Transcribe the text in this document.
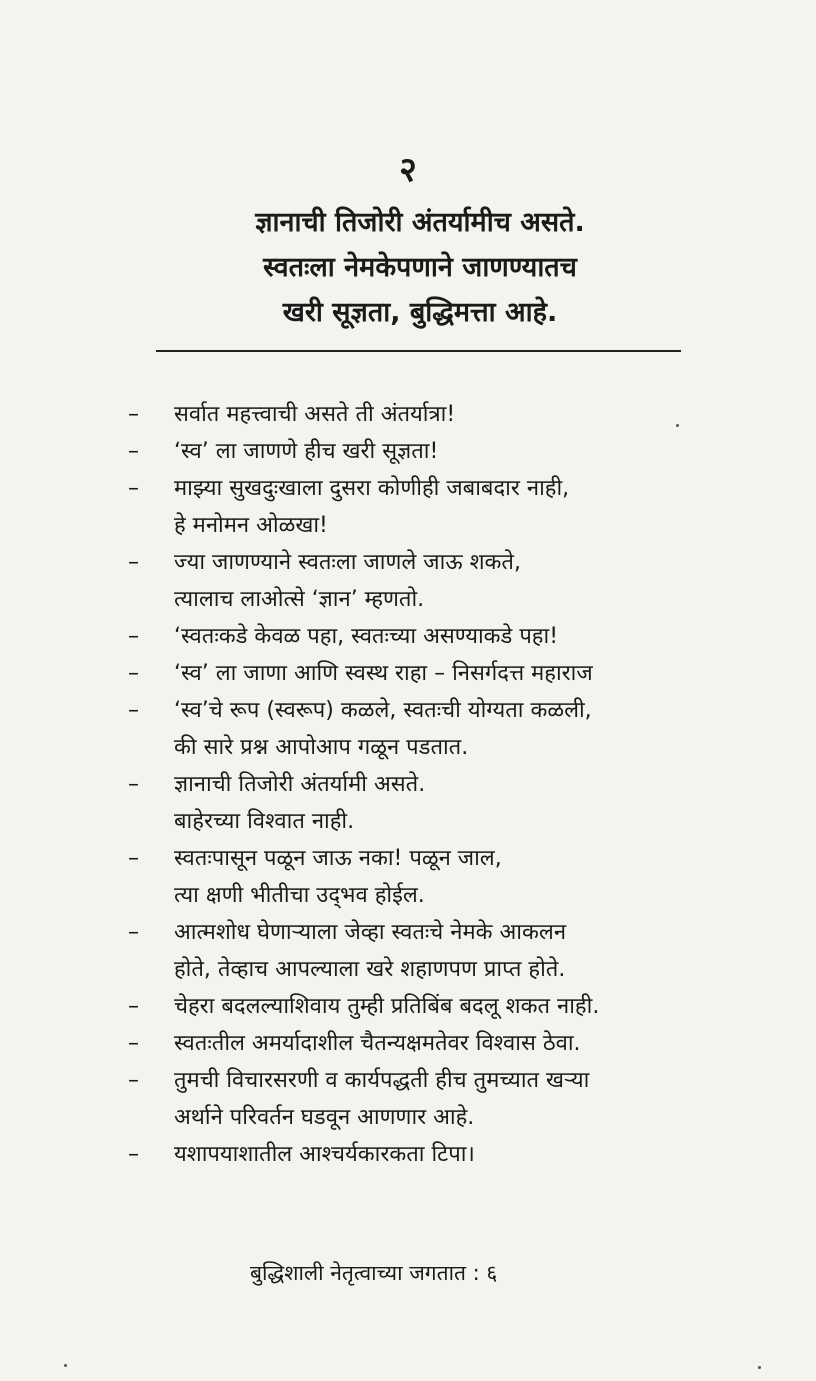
२
ज्ञानाची तिजोरी अंतर्यामीच असते.
स्वतःला नेमकेपणाने जाणण्यातच
खरी सूज्ञता, बुद्धिमत्ता आहे.
–	सर्वात महत्त्वाची असते ती अंतर्यात्रा!
–	‘स्व’ ला जाणणे हीच खरी सूज्ञता!
–	माझ्या सुखदुःखाला दुसरा कोणीही जबाबदार नाही,
हे मनोमन ओळखा!
–	ज्या जाणण्याने स्वतःला जाणले जाऊ शकते,
त्यालाच लाओत्से ‘ज्ञान’ म्हणतो.
–	‘स्वतःकडे केवळ पहा, स्वतःच्या असण्याकडे पहा!
–	‘स्व’ ला जाणा आणि स्वस्थ राहा – निसर्गदत्त महाराज
–	‘स्व’चे रूप (स्वरूप) कळले, स्वतःची योग्यता कळली,
की सारे प्रश्न आपोआप गळून पडतात.
–	ज्ञानाची तिजोरी अंतर्यामी असते.
बाहेरच्या विश्वात नाही.
–	स्वतःपासून पळून जाऊ नका! पळून जाल,
त्या क्षणी भीतीचा उद्‌भव होईल.
–	आत्मशोध घेणाऱ्याला जेव्हा स्वतःचे नेमके आकलन
होते, तेव्हाच आपल्याला खरे शहाणपण प्राप्त होते.
–	चेहरा बदलल्याशिवाय तुम्ही प्रतिबिंब बदलू शकत नाही.
–	स्वतःतील अमर्यादाशील चैतन्यक्षमतेवर विश्वास ठेवा.
–	तुमची विचारसरणी व कार्यपद्धती हीच तुमच्यात खऱ्या
अर्थाने परिवर्तन घडवून आणणार आहे.
–	यशापयाशातील आश्चर्यकारकता टिपा।
बुद्धिशाली नेतृत्वाच्या जगतात : ६
